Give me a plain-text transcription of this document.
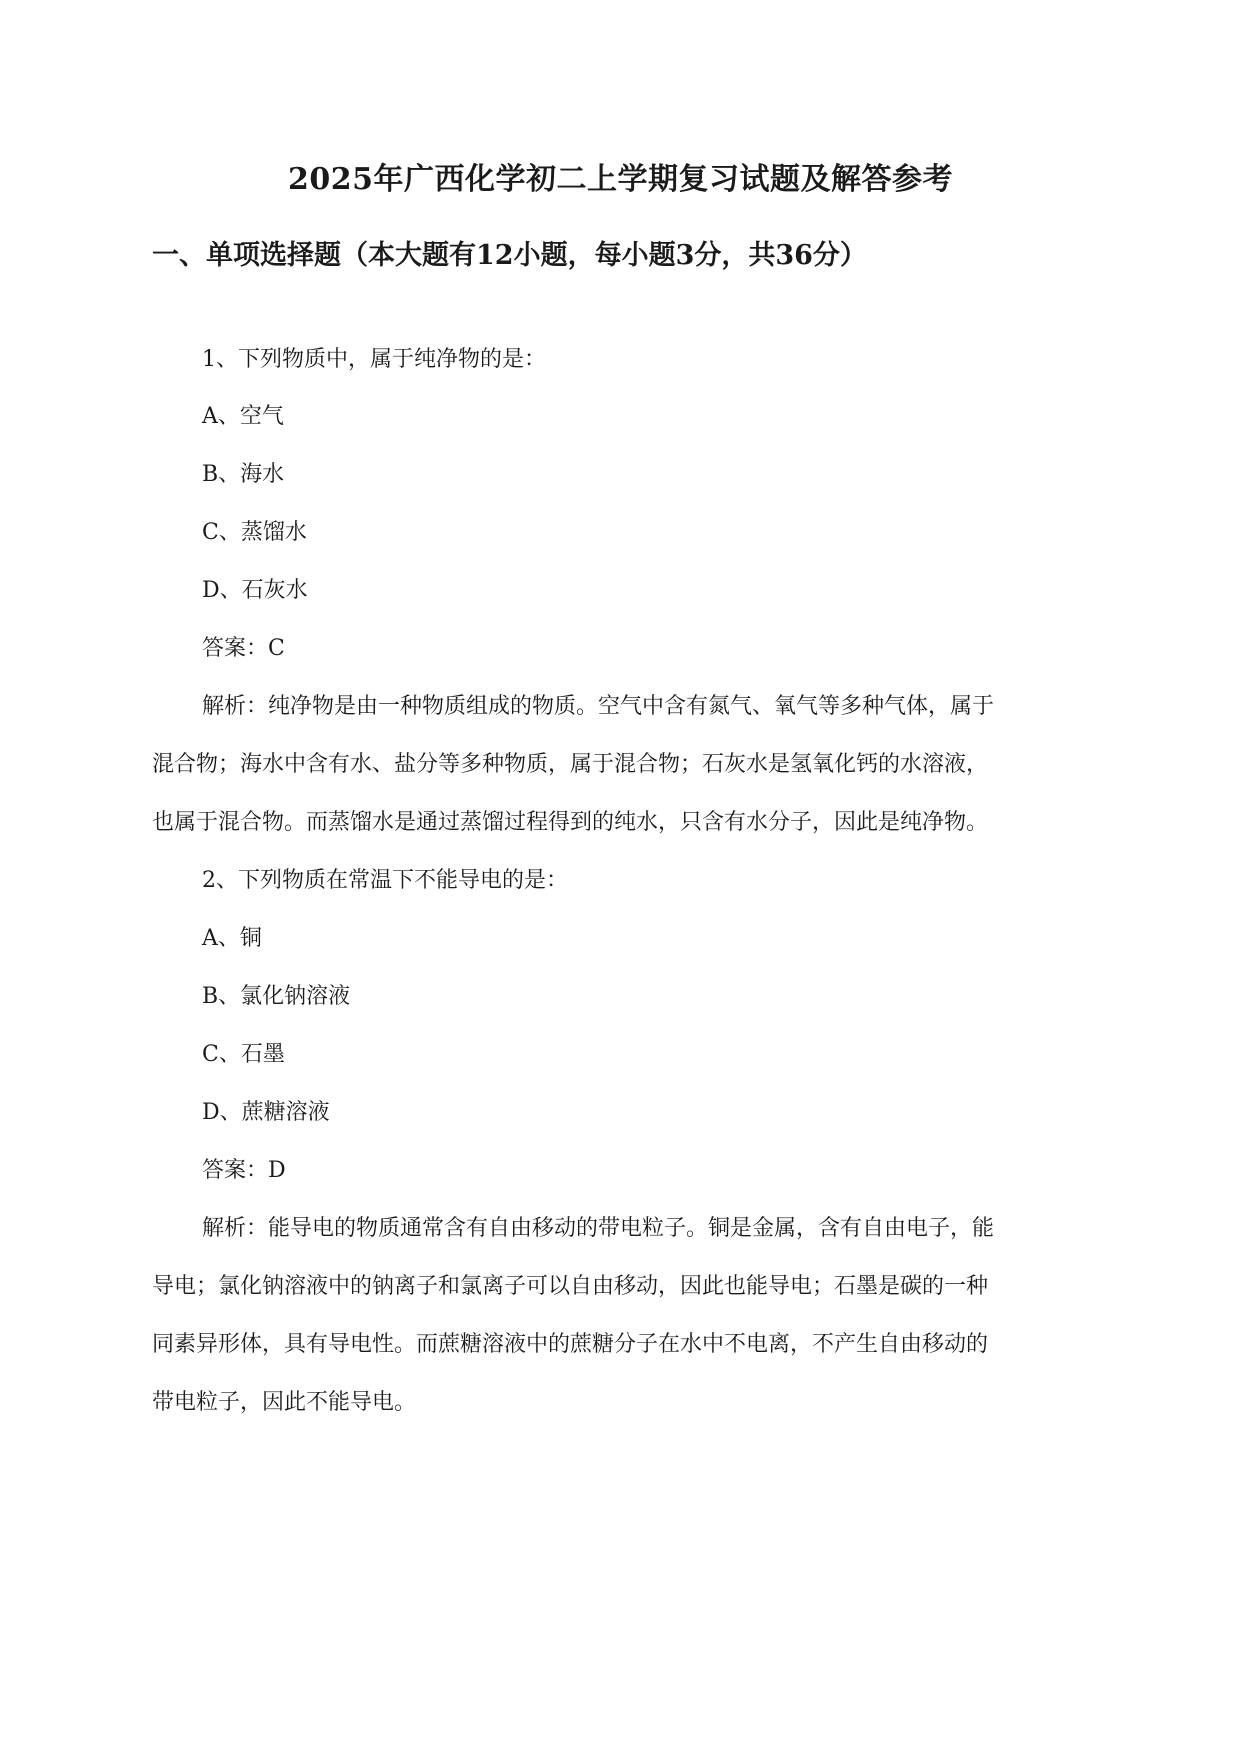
2025年广西化学初二上学期复习试题及解答参考
一、单项选择题（本大题有12小题，每小题3分，共36分）
1、下列物质中，属于纯净物的是：
A、空气
B、海水
C、蒸馏水
D、石灰水
答案：C
解析：纯净物是由一种物质组成的物质。空气中含有氮气、氧气等多种气体，属于
混合物；海水中含有水、盐分等多种物质，属于混合物；石灰水是氢氧化钙的水溶液，
也属于混合物。而蒸馏水是通过蒸馏过程得到的纯水，只含有水分子，因此是纯净物。
2、下列物质在常温下不能导电的是：
A、铜
B、氯化钠溶液
C、石墨
D、蔗糖溶液
答案：D
解析：能导电的物质通常含有自由移动的带电粒子。铜是金属，含有自由电子，能
导电；氯化钠溶液中的钠离子和氯离子可以自由移动，因此也能导电；石墨是碳的一种
同素异形体，具有导电性。而蔗糖溶液中的蔗糖分子在水中不电离，不产生自由移动的
带电粒子，因此不能导电。
